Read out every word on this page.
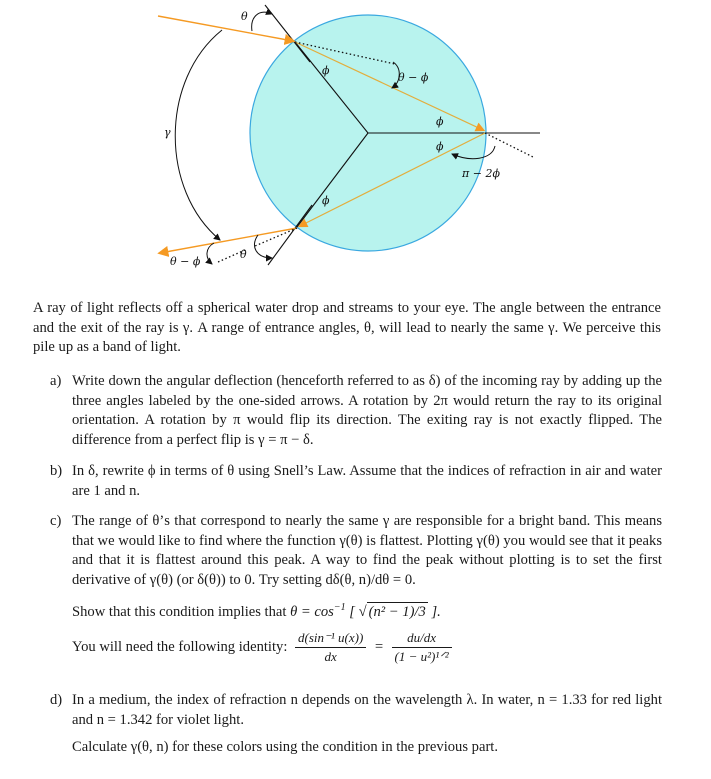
θ
ϕ
θ − ϕ
ϕ
ϕ
π − 2ϕ
γ
ϕ
θ − ϕ
θ
A ray of light reflects off a spherical water drop and streams to your eye. The angle between the entrance and the exit of the ray is γ. A range of entrance angles, θ, will lead to nearly the same γ. We perceive this pile up as a band of light.
a) Write down the angular deflection (henceforth referred to as δ) of the incoming ray by adding up the three angles labeled by the one-sided arrows. A rotation by 2π would return the ray to its original orientation. A rotation by π would flip its direction. The exiting ray is not exactly flipped. The difference from a perfect flip is γ = π − δ.
b) In δ, rewrite ϕ in terms of θ using Snell’s Law. Assume that the indices of refraction in air and water are 1 and n.
c) The range of θ’s that correspond to nearly the same γ are responsible for a bright band. This means that we would like to find where the function γ(θ) is flattest. Plotting γ(θ) you would see that it peaks and that it is flattest around this peak. A way to find the peak without plotting is to set the first derivative of γ(θ) (or δ(θ)) to 0. Try setting dδ(θ, n)/dθ = 0.
Show that this condition implies that $\theta = \cos^{-1}$ [ √ (n² − 1)/3 ].
You will need the following identity: $\frac{\text{d(sin⁻¹ u(x))}}{dx} = \frac{du/dx}{\text{(1 − u²)¹ᐟ²}}$
d) In a medium, the index of refraction n depends on the wavelength λ. In water, n = 1.33 for red light and n = 1.342 for violet light.
Calculate γ(θ, n) for these colors using the condition in the previous part.
